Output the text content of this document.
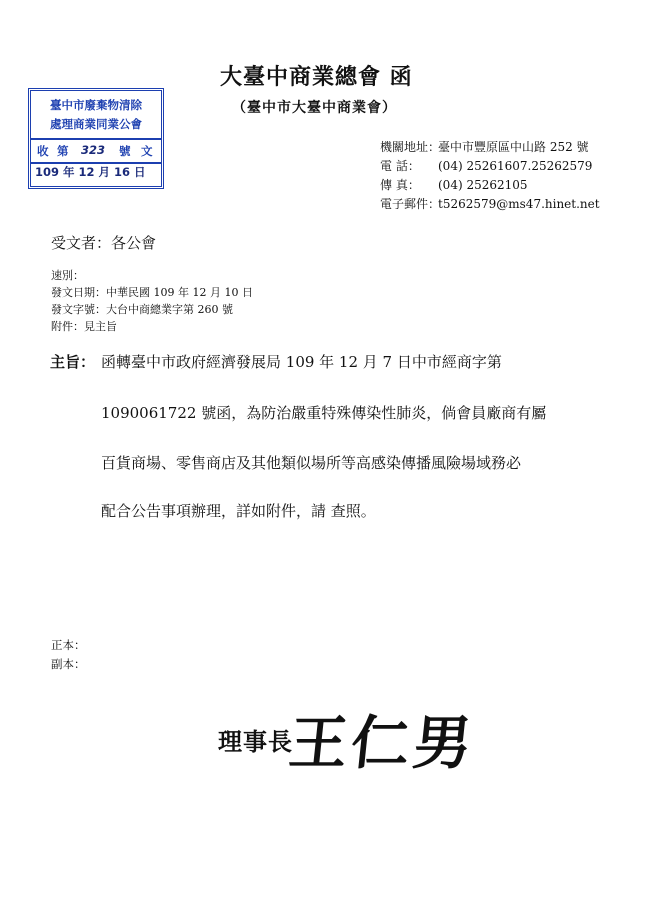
大臺中商業總會 函
（臺中市大臺中商業會）
臺中市廢棄物清除
處理商業同業公會
收 第 323 號 文
109 年 12 月 16 日
機關地址：臺中市豐原區中山路 252 號
電 話： (04) 25261607.25262579
傳 真： (04) 25262105
電子郵件：t5262579@ms47.hinet.net
受文者：各公會
速別：
發文日期：中華民國 109 年 12 月 10 日
發文字號：大台中商總業字第 260 號
附件：見主旨
主旨： 函轉臺中市政府經濟發展局 109 年 12 月 7 日中市經商字第
1090061722 號函，為防治嚴重特殊傳染性肺炎，倘會員廠商有屬
百貨商場、零售商店及其他類似場所等高感染傳播風險場域務必
配合公告事項辦理，詳如附件，請 查照。
正本：
副本：
理事長
王仁男
